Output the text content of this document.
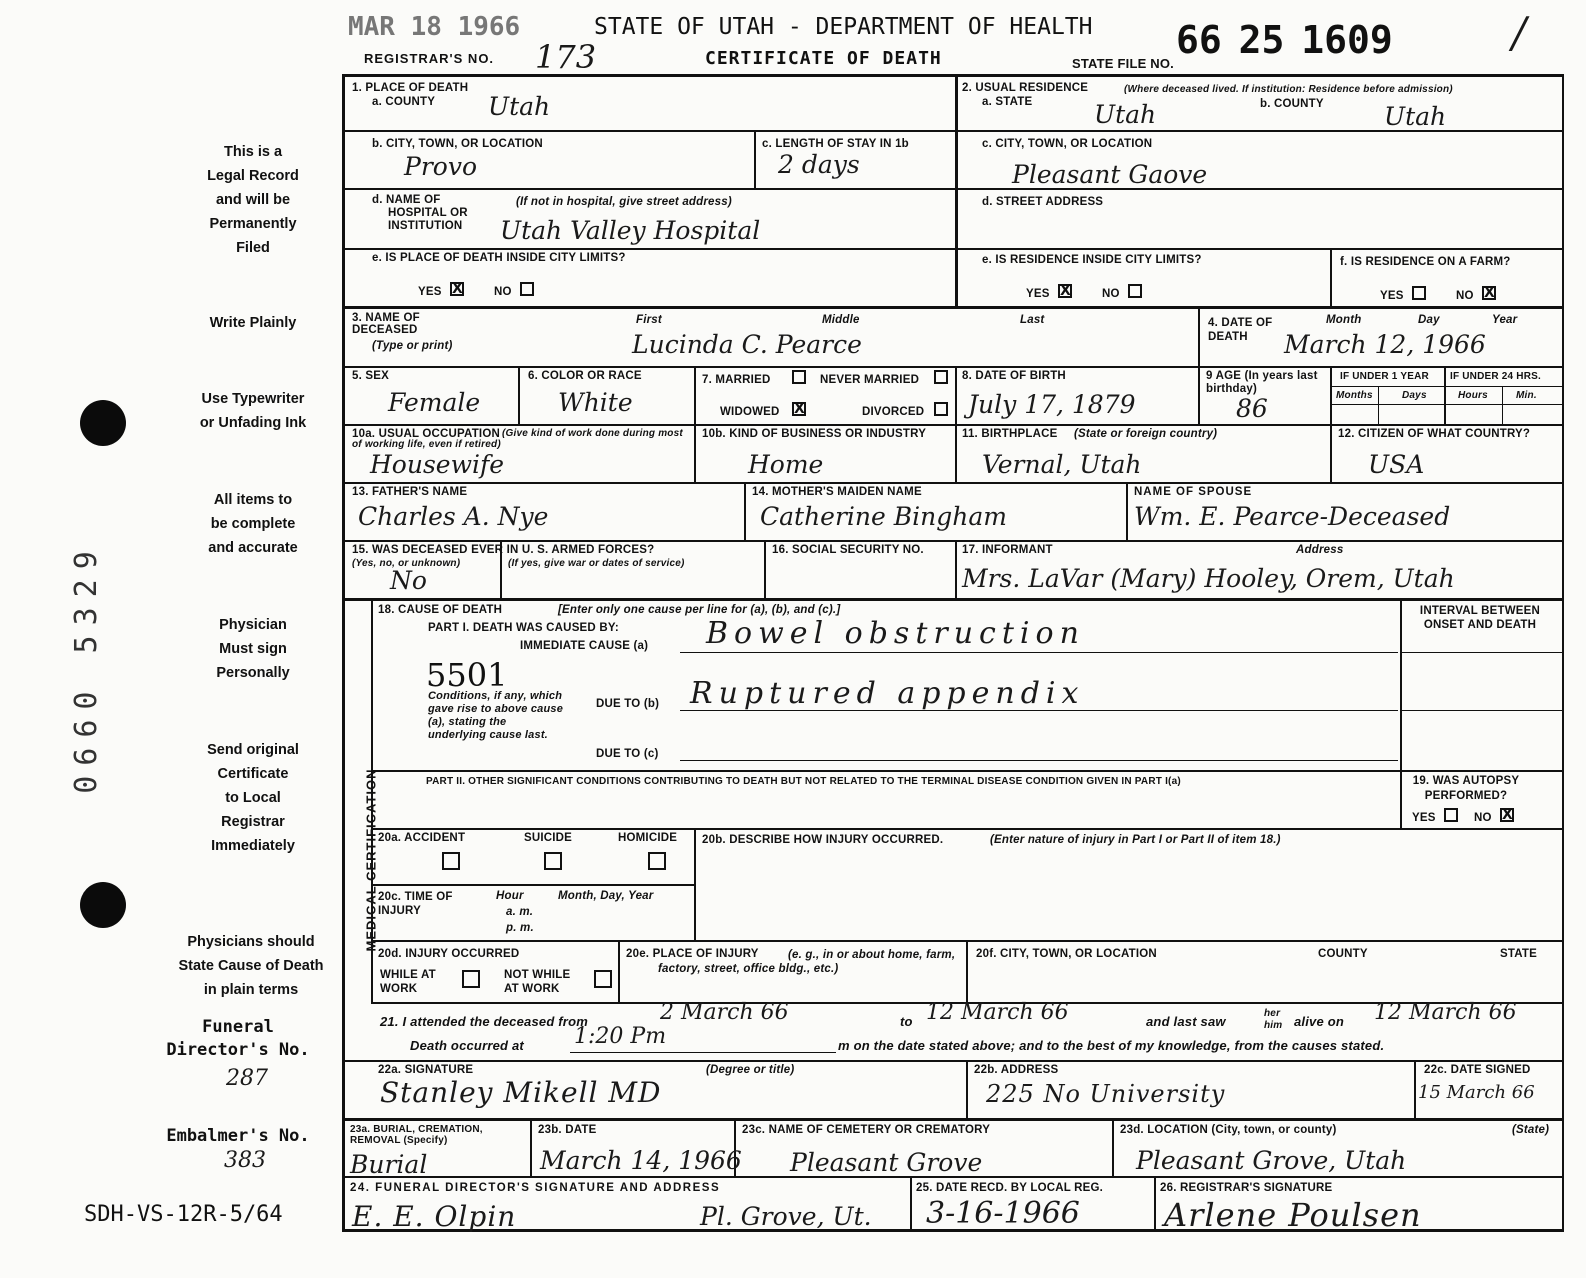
MAR 18 1966	STATE OF UTAH - DEPARTMENT OF HEALTH
REGISTRAR'S NO. 173	CERTIFICATE OF DEATH	STATE FILE NO.
66 25 1609	/
This is a
Legal Record
and will be
Permanently
Filed
Write Plainly
Use Typewriter
or Unfading Ink
All items to
be complete
and accurate
Physician
Must sign
Personally
Send original
Certificate
to Local
Registrar
Immediately
Physicians should
State Cause of Death
in plain terms
Funeral
Director's No.
287
Embalmer's No.
383
SDH-VS-12R-5/64
0660 5329
1. PLACE OF DEATH
a. COUNTY Utah
b. CITY, TOWN, OR LOCATION
Provo
c. LENGTH OF STAY IN 1b
2 days
d. NAME OF
HOSPITAL OR
INSTITUTION
(If not in hospital, give street address)
Utah Valley Hospital
e. IS PLACE OF DEATH INSIDE CITY LIMITS?
YES X	NO
2. USUAL RESIDENCE	(Where deceased lived. If institution: Residence before admission)
a. STATE Utah	b. COUNTY Utah
c. CITY, TOWN, OR LOCATION
Pleasant Gaove
d. STREET ADDRESS
e. IS RESIDENCE INSIDE CITY LIMITS?
YES X	NO
f. IS RESIDENCE ON A FARM?
YES	NO X
3. NAME OF DECEASED
(Type or print)
First	Middle	Last
Lucinda C. Pearce
4. DATE OF DEATH
Month	Day	Year
March 12, 1966
5. SEX
Female
6. COLOR OR RACE
White
7. MARRIED	NEVER MARRIED
WIDOWED X	DIVORCED
8. DATE OF BIRTH
July 17, 1879
9 AGE (In years last birthday)
86
IF UNDER 1 YEAR IF UNDER 24 HRS.
Months	Days	Hours	Min.
10a. USUAL OCCUPATION (Give kind of work done during most of working life, even if retired)
Housewife
10b. KIND OF BUSINESS OR INDUSTRY
Home
11. BIRTHPLACE (State or foreign country)
Vernal, Utah
12. CITIZEN OF WHAT COUNTRY?
USA
13. FATHER'S NAME
Charles A. Nye
14. MOTHER'S MAIDEN NAME
Catherine Bingham
NAME OF SPOUSE
Wm. E. Pearce-Deceased
15. WAS DECEASED EVER IN U. S. ARMED FORCES?
(Yes, no, or unknown)	(If yes, give war or dates of service)
No
16. SOCIAL SECURITY NO.	17. INFORMANT	Address
Mrs. LaVar (Mary) Hooley, Orem, Utah
MEDICAL CERTIFICATION
18. CAUSE OF DEATH	[Enter only one cause per line for (a), (b), and (c).]
PART I. DEATH WAS CAUSED BY:
IMMEDIATE CAUSE (a) Bowel obstruction
5501
Conditions, if any, which gave rise to above cause (a), stating the underlying cause last.
DUE TO (b) Ruptured appendix
DUE TO (c)
INTERVAL BETWEEN ONSET AND DEATH
PART II. OTHER SIGNIFICANT CONDITIONS CONTRIBUTING TO DEATH BUT NOT RELATED TO THE TERMINAL DISEASE CONDITION GIVEN IN PART I(a)	19. WAS AUTOPSY PERFORMED?
YES	NO X
20a. ACCIDENT	SUICIDE	HOMICIDE 20b. DESCRIBE HOW INJURY OCCURRED.	(Enter nature of injury in Part I or Part II of item 18.)
20c. TIME OF INJURY
Hour
a. m.
p. m.
Month, Day, Year
20d. INJURY OCCURRED
WHILE AT WORK
NOT WHILE AT WORK
20e. PLACE OF INJURY	(e. g., in or about home, farm, factory, street, office bldg., etc.)
20f. CITY, TOWN, OR LOCATION	COUNTY	STATE
21. I attended the deceased from	2 March 66	to 12 March 66	and last saw
her
him alive on 12 March 66
Death occurred at 1:20 Pm	m on the date stated above; and to the best of my knowledge, from the causes stated.
22a. SIGNATURE	(Degree or title)
Stanley Mikell MD
22b. ADDRESS
225 No University
22c. DATE SIGNED
15 March 66
23a. BURIAL, CREMATION, REMOVAL (Specify)
Burial
23b. DATE
March 14, 1966
23c. NAME OF CEMETERY OR CREMATORY
Pleasant Grove
23d. LOCATION (City, town, or county)	(State)
Pleasant Grove, Utah
24. FUNERAL DIRECTOR'S SIGNATURE AND ADDRESS
E. E. Olpin	Pl. Grove, Ut.
25. DATE RECD. BY LOCAL REG.
3-16-1966
26. REGISTRAR'S SIGNATURE
Arlene Poulsen
